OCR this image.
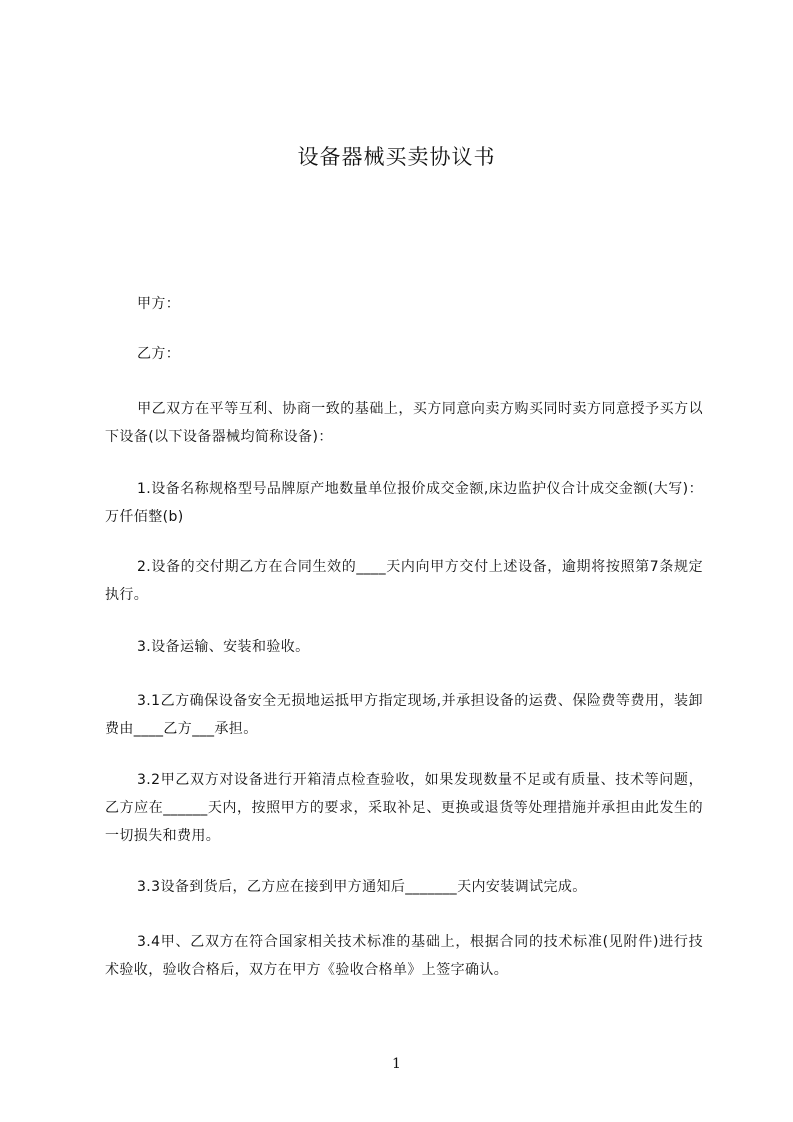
设备器械买卖协议书
甲方：
乙方：
甲乙双方在平等互利、协商一致的基础上，买方同意向卖方购买同时卖方同意授予买方以下设备(以下设备器械均简称设备)：
1.设备名称规格型号品牌原产地数量单位报价成交金额,床边监护仪合计成交金额(大写)：万仟佰整(b)
2.设备的交付期乙方在合同生效的____天内向甲方交付上述设备，逾期将按照第7条规定执行。
3.设备运输、安装和验收。
3.1乙方确保设备安全无损地运抵甲方指定现场,并承担设备的运费、保险费等费用，装卸费由____乙方___承担。
3.2甲乙双方对设备进行开箱清点检查验收，如果发现数量不足或有质量、技术等问题，乙方应在______天内，按照甲方的要求，采取补足、更换或退货等处理措施并承担由此发生的一切损失和费用。
3.3设备到货后，乙方应在接到甲方通知后_______天内安装调试完成。
3.4甲、乙双方在符合国家相关技术标准的基础上，根据合同的技术标准(见附件)进行技术验收，验收合格后，双方在甲方《验收合格单》上签字确认。
1
